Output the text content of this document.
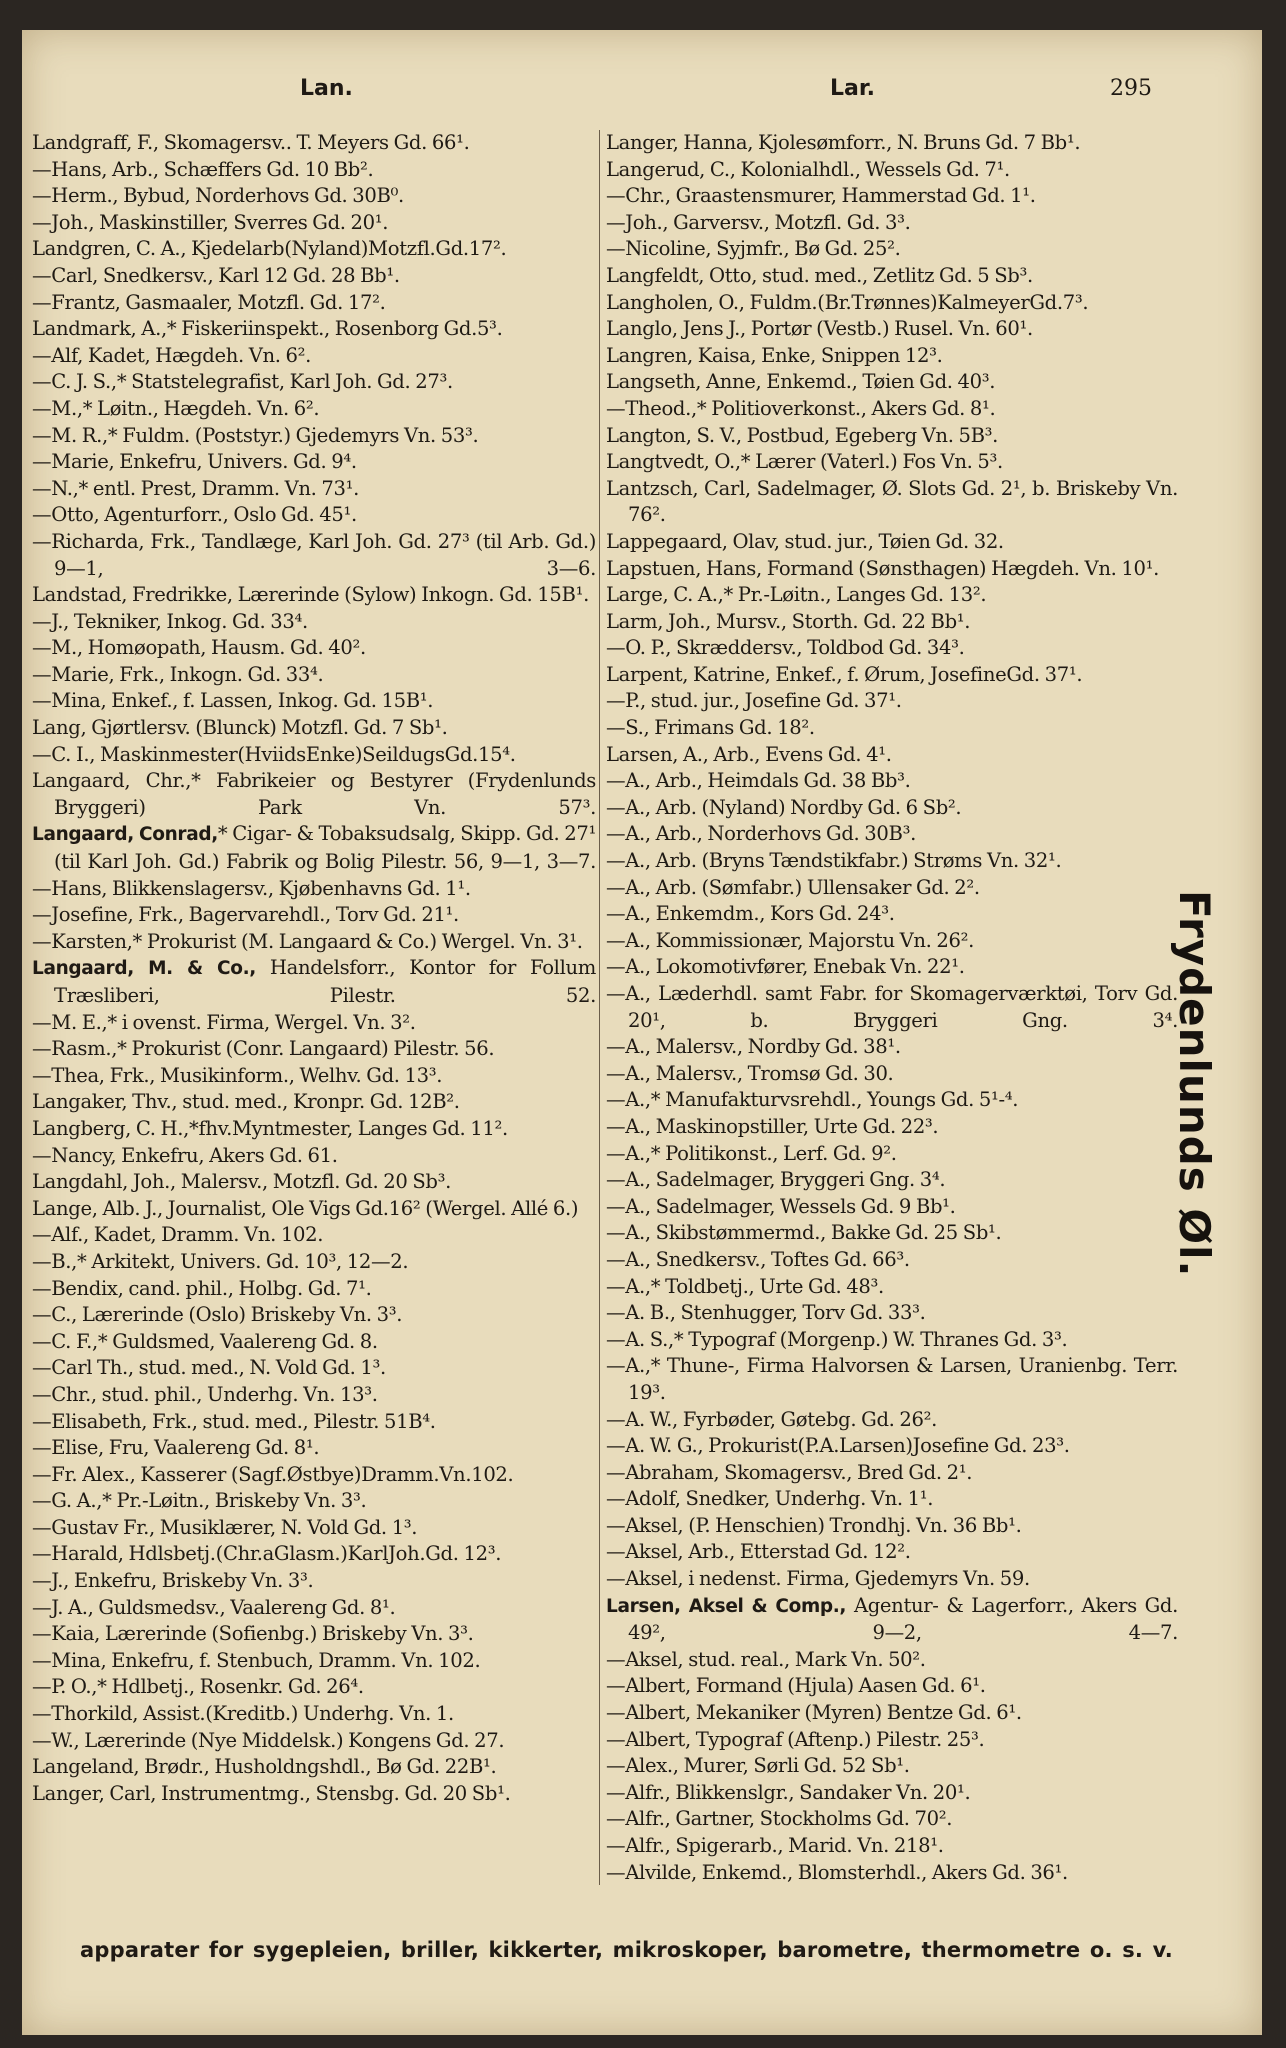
Lan.	Lar.	295
Landgraff, F., Skomagersv.. T. Meyers Gd. 66¹.
—Hans, Arb., Schæffers Gd. 10 Bb².
—Herm., Bybud, Norderhovs Gd. 30B⁰.
—Joh., Maskinstiller, Sverres Gd. 20¹.
Landgren, C. A., Kjedelarb(Nyland)Motzfl.Gd.17².
—Carl, Snedkersv., Karl 12 Gd. 28 Bb¹.
—Frantz, Gasmaaler, Motzfl. Gd. 17².
Landmark, A.,* Fiskeriinspekt., Rosenborg Gd.5³.
—Alf, Kadet, Hægdeh. Vn. 6².
—C. J. S.,* Statstelegrafist, Karl Joh. Gd. 27³.
—M.,* Løitn., Hægdeh. Vn. 6².
—M. R.,* Fuldm. (Poststyr.) Gjedemyrs Vn. 53³.
—Marie, Enkefru, Univers. Gd. 9⁴.
—N.,* entl. Prest, Dramm. Vn. 73¹.
—Otto, Agenturforr., Oslo Gd. 45¹.
—Richarda, Frk., Tandlæge, Karl Joh. Gd. 27³ (til Arb. Gd.) 9—1, 3—6.
Landstad, Fredrikke, Lærerinde (Sylow) Inkogn. Gd. 15B¹.
—J., Tekniker, Inkog. Gd. 33⁴.
—M., Homøopath, Hausm. Gd. 40².
—Marie, Frk., Inkogn. Gd. 33⁴.
—Mina, Enkef., f. Lassen, Inkog. Gd. 15B¹.
Lang, Gjørtlersv. (Blunck) Motzfl. Gd. 7 Sb¹.
—C. I., Maskinmester(HviidsEnke)SeildugsGd.15⁴.
Langaard, Chr.,* Fabrikeier og Bestyrer (Frydenlunds Bryggeri) Park Vn. 57³.
Langaard, Conrad,* Cigar- & Tobaksudsalg, Skipp. Gd. 27¹ (til Karl Joh. Gd.) Fabrik og Bolig Pilestr. 56, 9—1, 3—7.
—Hans, Blikkenslagersv., Kjøbenhavns Gd. 1¹.
—Josefine, Frk., Bagervarehdl., Torv Gd. 21¹.
—Karsten,* Prokurist (M. Langaard & Co.) Wergel. Vn. 3¹.
Langaard, M. & Co., Handelsforr., Kontor for Follum Træsliberi, Pilestr. 52.
—M. E.,* i ovenst. Firma, Wergel. Vn. 3².
—Rasm.,* Prokurist (Conr. Langaard) Pilestr. 56.
—Thea, Frk., Musikinform., Welhv. Gd. 13³.
Langaker, Thv., stud. med., Kronpr. Gd. 12B².
Langberg, C. H.,*fhv.Myntmester, Langes Gd. 11².
—Nancy, Enkefru, Akers Gd. 61.
Langdahl, Joh., Malersv., Motzfl. Gd. 20 Sb³.
Lange, Alb. J., Journalist, Ole Vigs Gd.16² (Wergel. Allé 6.)
—Alf., Kadet, Dramm. Vn. 102.
—B.,* Arkitekt, Univers. Gd. 10³, 12—2.
—Bendix, cand. phil., Holbg. Gd. 7¹.
—C., Lærerinde (Oslo) Briskeby Vn. 3³.
—C. F.,* Guldsmed, Vaalereng Gd. 8.
—Carl Th., stud. med., N. Vold Gd. 1³.
—Chr., stud. phil., Underhg. Vn. 13³.
—Elisabeth, Frk., stud. med., Pilestr. 51B⁴.
—Elise, Fru, Vaalereng Gd. 8¹.
—Fr. Alex., Kasserer (Sagf.Østbye)Dramm.Vn.102.
—G. A.,* Pr.-Løitn., Briskeby Vn. 3³.
—Gustav Fr., Musiklærer, N. Vold Gd. 1³.
—Harald, Hdlsbetj.(Chr.aGlasm.)KarlJoh.Gd. 12³.
—J., Enkefru, Briskeby Vn. 3³.
—J. A., Guldsmedsv., Vaalereng Gd. 8¹.
—Kaia, Lærerinde (Sofienbg.) Briskeby Vn. 3³.
—Mina, Enkefru, f. Stenbuch, Dramm. Vn. 102.
—P. O.,* Hdlbetj., Rosenkr. Gd. 26⁴.
—Thorkild, Assist.(Kreditb.) Underhg. Vn. 1.
—W., Lærerinde (Nye Middelsk.) Kongens Gd. 27.
Langeland, Brødr., Husholdngshdl., Bø Gd. 22B¹.
Langer, Carl, Instrumentmg., Stensbg. Gd. 20 Sb¹.
Langer, Hanna, Kjolesømforr., N. Bruns Gd. 7 Bb¹.
Langerud, C., Kolonialhdl., Wessels Gd. 7¹.
—Chr., Graastensmurer, Hammerstad Gd. 1¹.
—Joh., Garversv., Motzfl. Gd. 3³.
—Nicoline, Syjmfr., Bø Gd. 25².
Langfeldt, Otto, stud. med., Zetlitz Gd. 5 Sb³.
Langholen, O., Fuldm.(Br.Trønnes)KalmeyerGd.7³.
Langlo, Jens J., Portør (Vestb.) Rusel. Vn. 60¹.
Langren, Kaisa, Enke, Snippen 12³.
Langseth, Anne, Enkemd., Tøien Gd. 40³.
—Theod.,* Politioverkonst., Akers Gd. 8¹.
Langton, S. V., Postbud, Egeberg Vn. 5B³.
Langtvedt, O.,* Lærer (Vaterl.) Fos Vn. 5³.
Lantzsch, Carl, Sadelmager, Ø. Slots Gd. 2¹, b. Briskeby Vn. 76².
Lappegaard, Olav, stud. jur., Tøien Gd. 32.
Lapstuen, Hans, Formand (Sønsthagen) Hægdeh. Vn. 10¹.
Large, C. A.,* Pr.-Løitn., Langes Gd. 13².
Larm, Joh., Mursv., Storth. Gd. 22 Bb¹.
—O. P., Skræddersv., Toldbod Gd. 34³.
Larpent, Katrine, Enkef., f. Ørum, JosefineGd. 37¹.
—P., stud. jur., Josefine Gd. 37¹.
—S., Frimans Gd. 18².
Larsen, A., Arb., Evens Gd. 4¹.
—A., Arb., Heimdals Gd. 38 Bb³.
—A., Arb. (Nyland) Nordby Gd. 6 Sb².
—A., Arb., Norderhovs Gd. 30B³.
—A., Arb. (Bryns Tændstikfabr.) Strøms Vn. 32¹.
—A., Arb. (Sømfabr.) Ullensaker Gd. 2².
—A., Enkemdm., Kors Gd. 24³.
—A., Kommissionær, Majorstu Vn. 26².
—A., Lokomotivfører, Enebak Vn. 22¹.
—A., Læderhdl. samt Fabr. for Skomagerværktøi, Torv Gd. 20¹, b. Bryggeri Gng. 3⁴.
—A., Malersv., Nordby Gd. 38¹.
—A., Malersv., Tromsø Gd. 30.
—A.,* Manufakturvsrehdl., Youngs Gd. 5¹-⁴.
—A., Maskinopstiller, Urte Gd. 22³.
—A.,* Politikonst., Lerf. Gd. 9².
—A., Sadelmager, Bryggeri Gng. 3⁴.
—A., Sadelmager, Wessels Gd. 9 Bb¹.
—A., Skibstømmermd., Bakke Gd. 25 Sb¹.
—A., Snedkersv., Toftes Gd. 66³.
—A.,* Toldbetj., Urte Gd. 48³.
—A. B., Stenhugger, Torv Gd. 33³.
—A. S.,* Typograf (Morgenp.) W. Thranes Gd. 3³.
—A.,* Thune-, Firma Halvorsen & Larsen, Uranienbg. Terr. 19³.
—A. W., Fyrbøder, Gøtebg. Gd. 26².
—A. W. G., Prokurist(P.A.Larsen)Josefine Gd. 23³.
—Abraham, Skomagersv., Bred Gd. 2¹.
—Adolf, Snedker, Underhg. Vn. 1¹.
—Aksel, (P. Henschien) Trondhj. Vn. 36 Bb¹.
—Aksel, Arb., Etterstad Gd. 12².
—Aksel, i nedenst. Firma, Gjedemyrs Vn. 59.
Larsen, Aksel & Comp., Agentur- & Lagerforr., Akers Gd. 49², 9—2, 4—7.
—Aksel, stud. real., Mark Vn. 50².
—Albert, Formand (Hjula) Aasen Gd. 6¹.
—Albert, Mekaniker (Myren) Bentze Gd. 6¹.
—Albert, Typograf (Aftenp.) Pilestr. 25³.
—Alex., Murer, Sørli Gd. 52 Sb¹.
—Alfr., Blikkenslgr., Sandaker Vn. 20¹.
—Alfr., Gartner, Stockholms Gd. 70².
—Alfr., Spigerarb., Marid. Vn. 218¹.
—Alvilde, Enkemd., Blomsterhdl., Akers Gd. 36¹.
Frydenlunds Øl.
apparater for sygepleien, briller, kikkerter, mikroskoper, barometre, thermometre o. s. v.
